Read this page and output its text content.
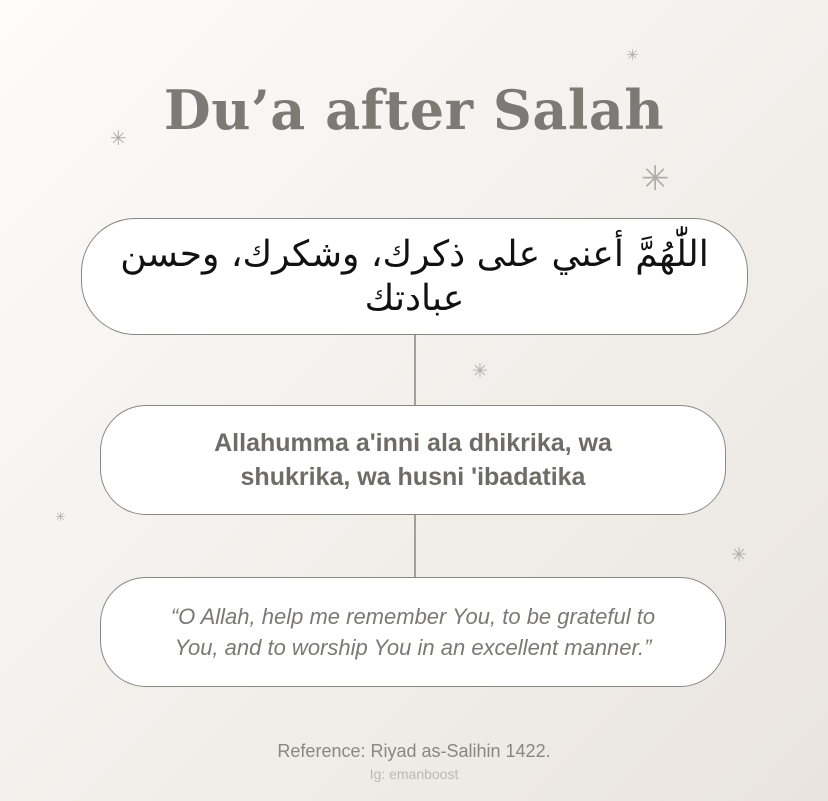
Du’a after Salah
✳
✳
✳
✳
✳
✳
اللّٰهُمَّ أعني على ذكرك، وشكرك، وحسن عبادتك
Allahumma a'inni ala dhikrika, wa
shukrika, wa husni 'ibadatika
“O Allah, help me remember You, to be grateful to
You, and to worship You in an excellent manner.”
Reference: Riyad as-Salihin 1422.
Ig: emanboost
